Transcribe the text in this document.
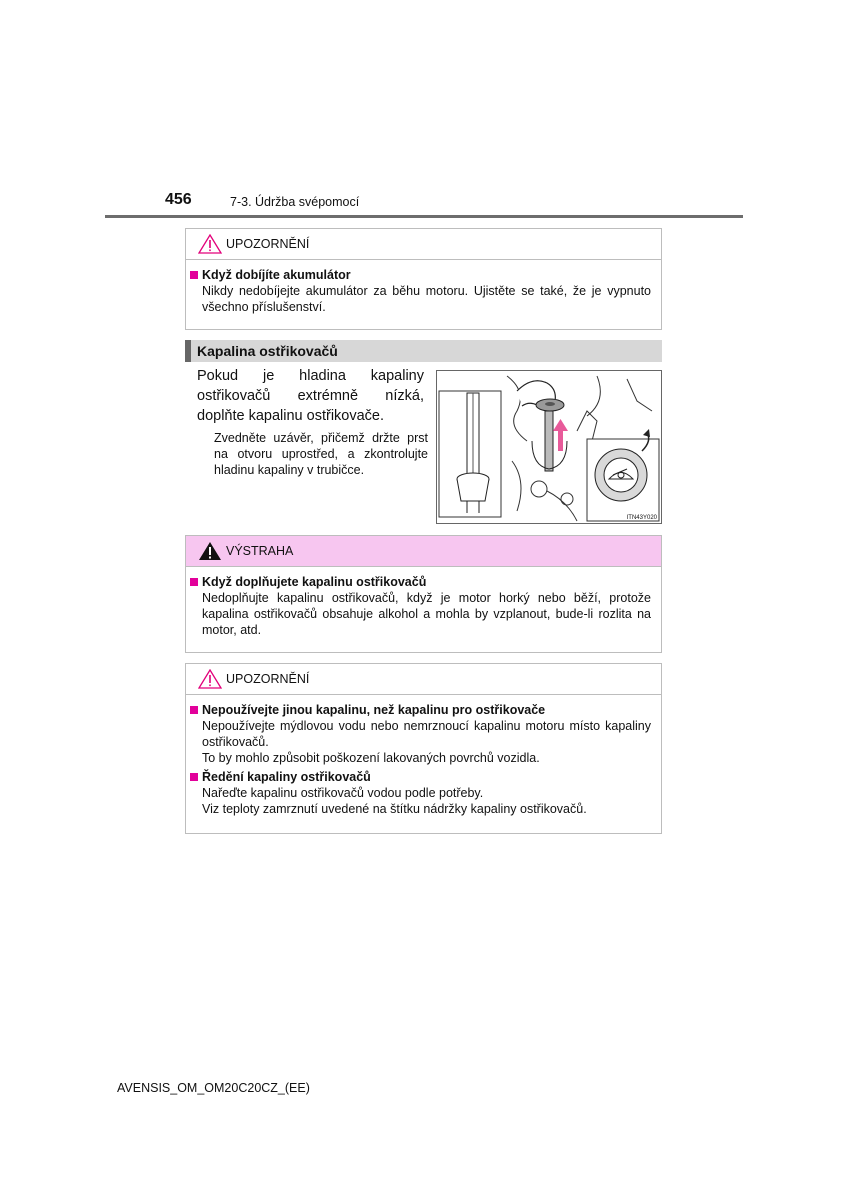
456	7-3. Údržba svépomocí
UPOZORNĚNÍ
Když dobíjíte akumulátor
Nikdy nedobíjejte akumulátor za běhu motoru. Ujistěte se také, že je vypnuto všechno příslušenství.
Kapalina ostřikovačů
Pokud je hladina kapaliny ostřikovačů extrémně nízká, doplňte kapalinu ostřikovače.
Zvedněte uzávěr, přičemž držte prst na otvoru uprostřed, a zkontrolujte hladinu kapaliny v trubičce.
ITN43Y020
VÝSTRAHA
Když doplňujete kapalinu ostřikovačů
Nedoplňujte kapalinu ostřikovačů, když je motor horký nebo běží, protože kapalina ostřikovačů obsahuje alkohol a mohla by vzplanout, bude-li rozlita na motor, atd.
UPOZORNĚNÍ
Nepoužívejte jinou kapalinu, než kapalinu pro ostřikovače
Nepoužívejte mýdlovou vodu nebo nemrznoucí kapalinu motoru místo kapaliny ostřikovačů.
To by mohlo způsobit poškození lakovaných povrchů vozidla.
Ředění kapaliny ostřikovačů
Nařeďte kapalinu ostřikovačů vodou podle potřeby.
Viz teploty zamrznutí uvedené na štítku nádržky kapaliny ostřikovačů.
AVENSIS_OM_OM20C20CZ_(EE)
